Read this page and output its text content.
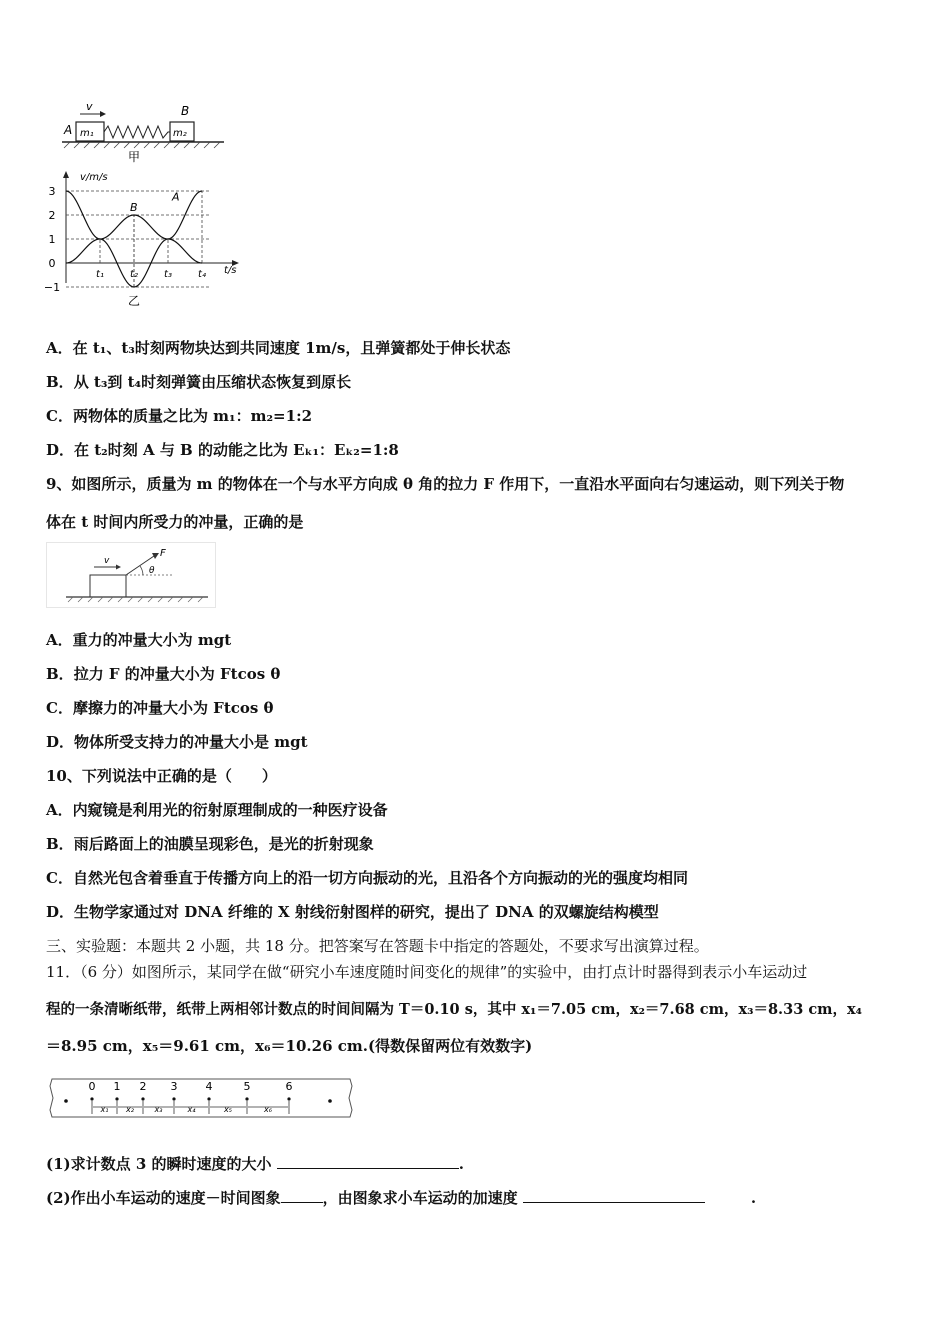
v	B
A m₁	m₂
甲
v/m/s
t/s
3
2
1
0
−1
t₁	t₂	t₃	t₄
A
B
乙
A．在 t₁、t₃时刻两物块达到共同速度 1m/s，且弹簧都处于伸长状态
B．从 t₃到 t₄时刻弹簧由压缩状态恢复到原长
C．两物体的质量之比为 m₁：m₂=1:2
D．在 t₂时刻 A 与 B 的动能之比为 Eₖ₁：Eₖ₂=1:8
9、如图所示，质量为 m 的物体在一个与水平方向成 θ 角的拉力 F 作用下，一直沿水平面向右匀速运动，则下列关于物
体在 t 时间内所受力的冲量，正确的是
v
F
θ
A．重力的冲量大小为 mgt
B．拉力 F 的冲量大小为 Ftcos θ
C．摩擦力的冲量大小为 Ftcos θ
D．物体所受支持力的冲量大小是 mgt
10、下列说法中正确的是（　　）
A．内窥镜是利用光的衍射原理制成的一种医疗设备
B．雨后路面上的油膜呈现彩色，是光的折射现象
C．自然光包含着垂直于传播方向上的沿一切方向振动的光，且沿各个方向振动的光的强度均相同
D．生物学家通过对 DNA 纤维的 X 射线衍射图样的研究，提出了 DNA 的双螺旋结构模型
三、实验题：本题共 2 小题，共 18 分。把答案写在答题卡中指定的答题处，不要求写出演算过程。
11．（6 分）如图所示，某同学在做“研究小车速度随时间变化的规律”的实验中，由打点计时器得到表示小车运动过
程的一条清晰纸带，纸带上两相邻计数点的时间间隔为 T＝0.10 s，其中 x₁＝7.05 cm，x₂＝7.68 cm，x₃＝8.33 cm，x₄
＝8.95 cm，x₅＝9.61 cm，x₆＝10.26 cm.(得数保留两位有效数字)
0 1 2 3	4	5	6
x₁ x₂	x₃	x₄	x₅	x₆
(1)求计数点 3 的瞬时速度的大小	.
(2)作出小车运动的速度－时间图象	，由图象求小车运动的加速度	.
